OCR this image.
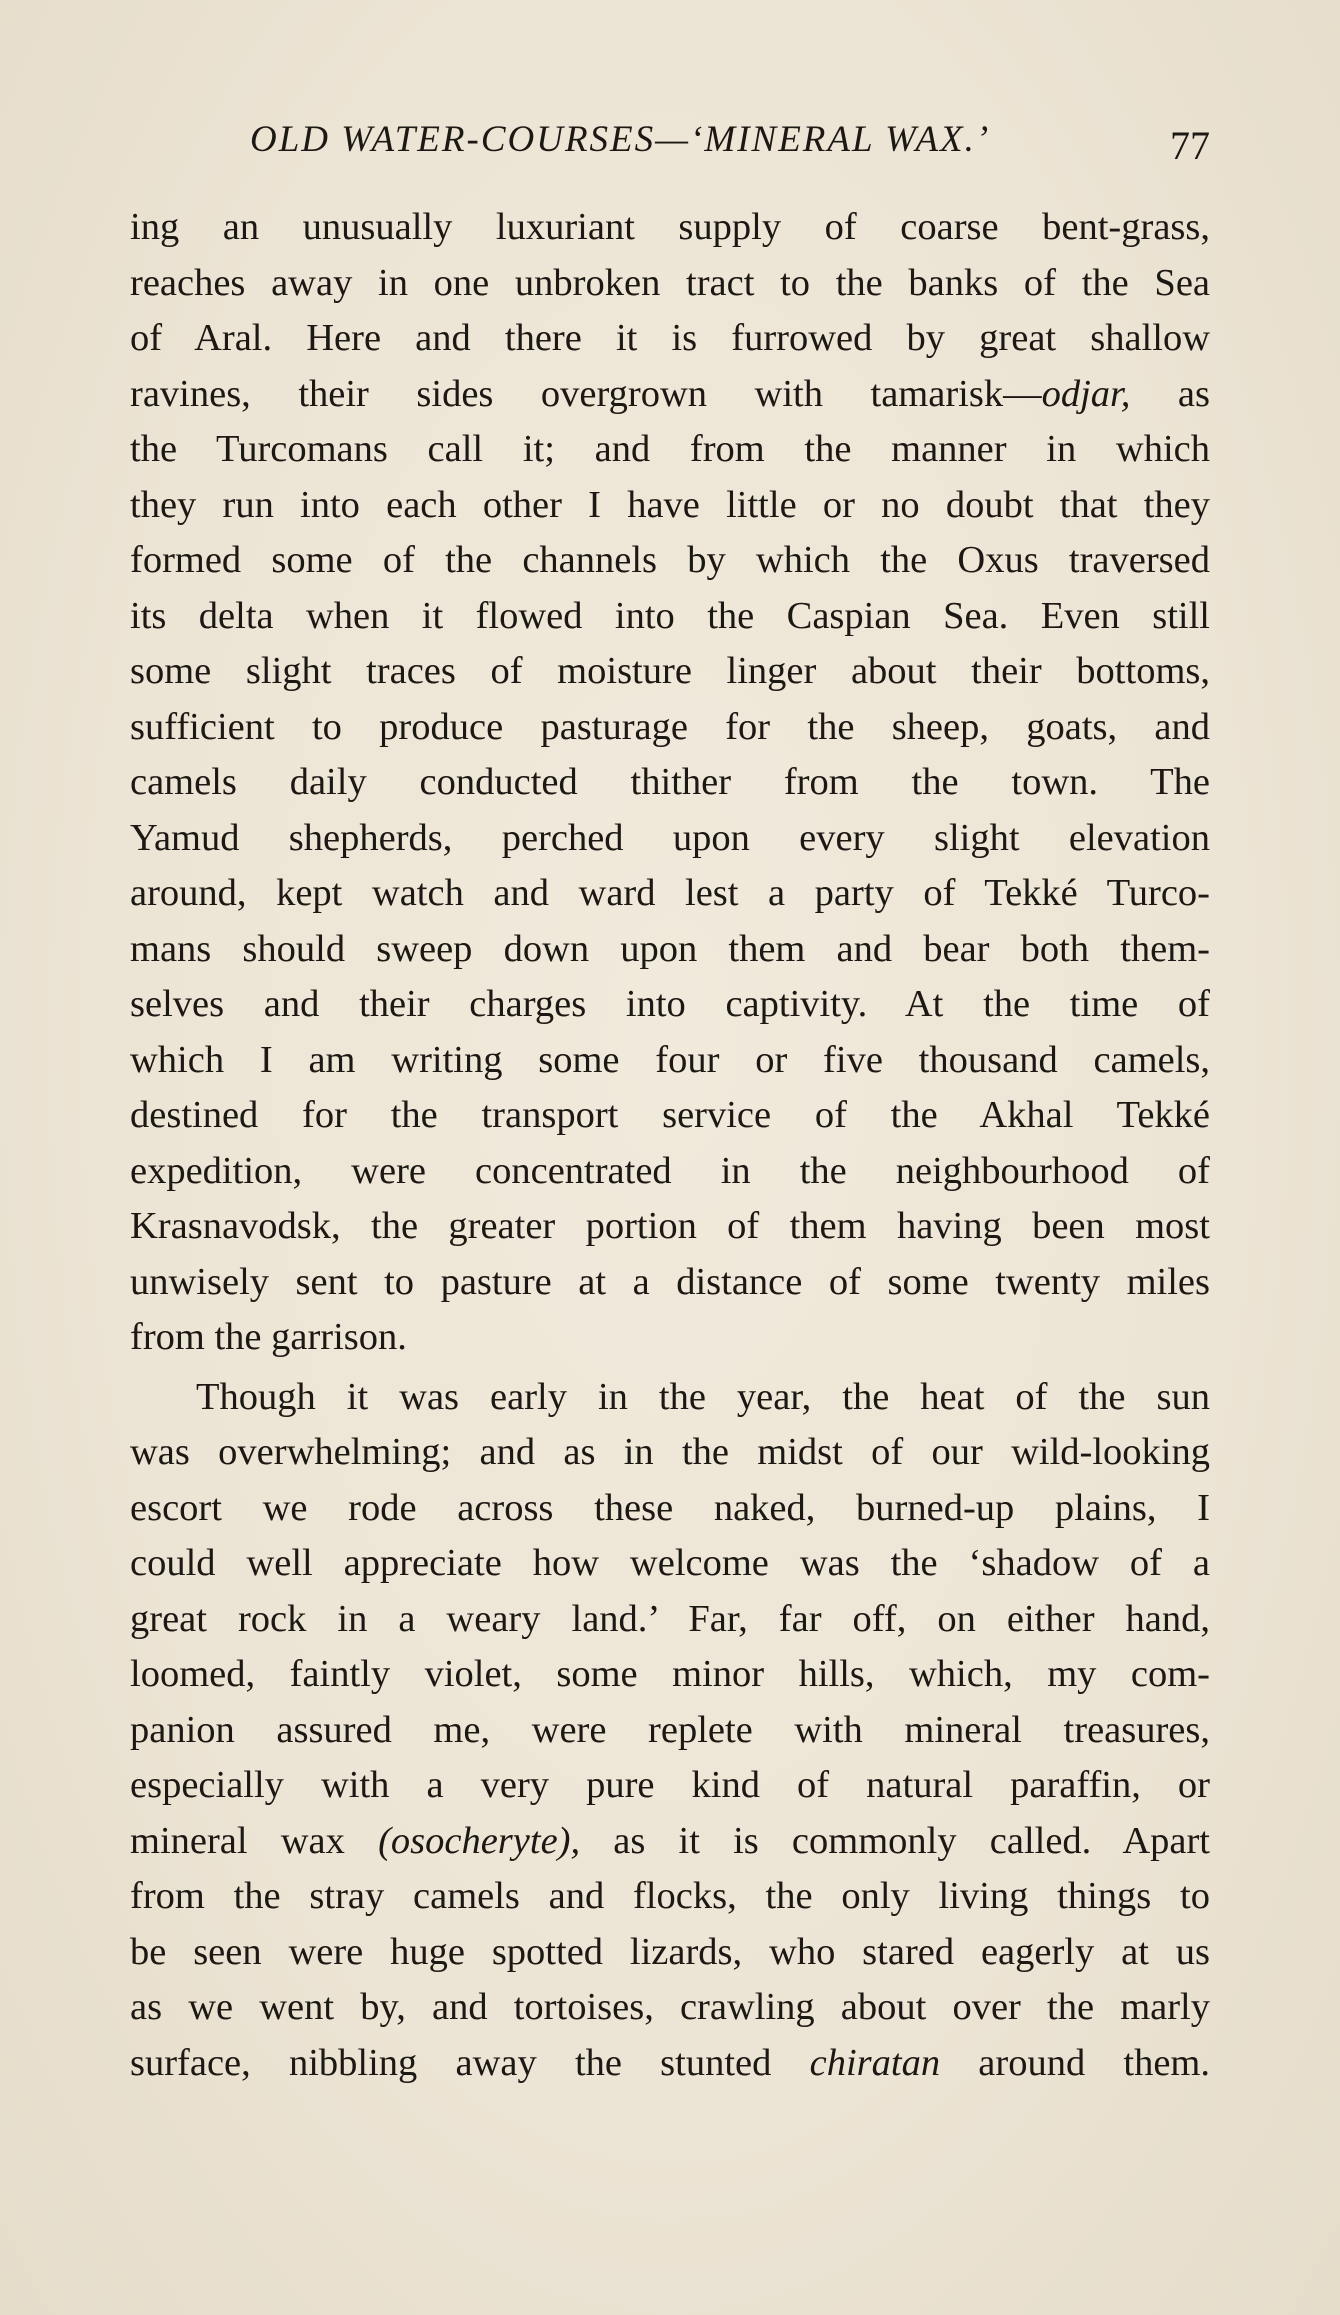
OLD WATER-COURSES—‘MINERAL WAX.’	77
ing an unusually luxuriant supply of coarse bent-grass,
reaches away in one unbroken tract to the banks of the Sea
of Aral. Here and there it is furrowed by great shallow
ravines, their sides overgrown with tamarisk—odjar, as
the Turcomans call it; and from the manner in which
they run into each other I have little or no doubt that they
formed some of the channels by which the Oxus traversed
its delta when it flowed into the Caspian Sea. Even still
some slight traces of moisture linger about their bottoms,
sufficient to produce pasturage for the sheep, goats, and
camels daily conducted thither from the town. The
Yamud shepherds, perched upon every slight elevation
around, kept watch and ward lest a party of Tekké Turco-
mans should sweep down upon them and bear both them-
selves and their charges into captivity. At the time of
which I am writing some four or five thousand camels,
destined for the transport service of the Akhal Tekké
expedition, were concentrated in the neighbourhood of
Krasnavodsk, the greater portion of them having been most
unwisely sent to pasture at a distance of some twenty miles
from the garrison.
Though it was early in the year, the heat of the sun
was overwhelming; and as in the midst of our wild-looking
escort we rode across these naked, burned-up plains, I
could well appreciate how welcome was the ‘shadow of a
great rock in a weary land.’ Far, far off, on either hand,
loomed, faintly violet, some minor hills, which, my com-
panion assured me, were replete with mineral treasures,
especially with a very pure kind of natural paraffin, or
mineral wax (osocheryte), as it is commonly called. Apart
from the stray camels and flocks, the only living things to
be seen were huge spotted lizards, who stared eagerly at us
as we went by, and tortoises, crawling about over the marly
surface, nibbling away the stunted chiratan around them.
